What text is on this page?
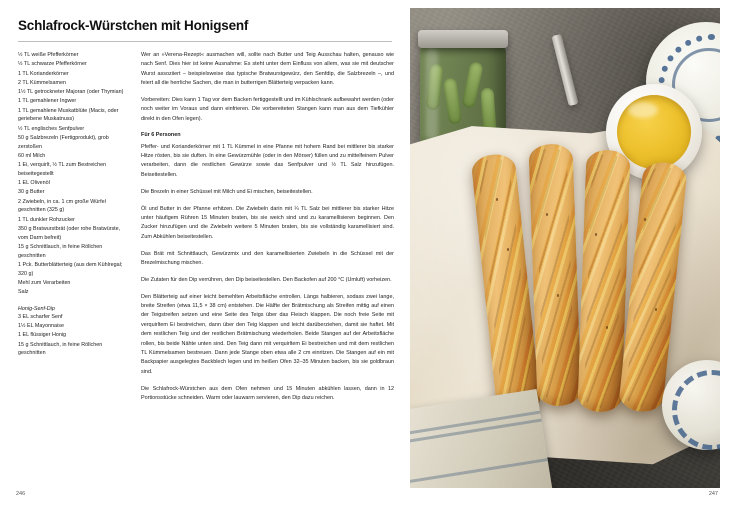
Schlafrock-Würstchen mit Honigsenf
½ TL weiße Pfefferkörner
½ TL schwarze Pfefferkörner
1 TL Korianderkörner
2 TL Kümmelsamen
1½ TL getrockneter Majoran (oder Thymian)
1 TL gemahlener Ingwer
1 TL gemahlene Muskatblüte (Macis, oder geriebene Muskatnuss)
½ TL englisches Senfpulver
50 g Salzbrezeln (Fertigprodukt), grob zerstoßen
60 ml Milch
1 Ei, verquirlt, ½ TL zum Bestreichen beiseitegestellt
1 EL Olivenöl
30 g Butter
2 Zwiebeln, in ca. 1 cm große Würfel geschnitten (325 g)
1 TL dunkler Rohzucker
350 g Bratwurstbrät (oder rohe Bratwürste, vom Darm befreit)
15 g Schnittlauch, in feine Röllchen geschnitten
1 Pck. Butterblätterteig (aus dem Kühlregal; 320 g)
Mehl zum Verarbeiten
Salz
Honig-Senf-Dip
3 EL scharfer Senf
1½ EL Mayonnaise
1 EL flüssiger Honig
15 g Schnittlauch, in feine Röllchen geschnitten

Wer an »Verena-Rezept« ausmachen will, sollte nach Butter und Teig Ausschau halten, genauso wie nach Senf. Dies hier ist keine Ausnahme: Es steht unter dem Einfluss von allem, was sie mit deutscher Wurst assoziiert – beispielsweise das typische Bratwurstgewürz, den Senfdip, die Salzbrezeln –, und feiert all die herrliche Sachen, die man in butterrigen Blätterteig verpacken kann.

Vorbereiten: Dies kann 1 Tag vor dem Backen fertiggestellt und im Kühlschrank aufbewahrt werden (oder noch weiter im Voraus und dann einfrieren. Die vorbereiteten Stangen kann man aus dem Tiefkühler direkt in den Ofen legen).

Für 6 Personen

Pfeffer- und Korianderkörner mit 1 TL Kümmel in eine Pfanne mit hohem Rand bei mittlerer bis starker Hitze rösten, bis sie duften. In eine Gewürzmühle (oder in den Mörser) füllen und zu mittelfeinem Pulver verarbeiten, dann die restlichen Gewürze sowie das Senfpulver und ½ TL Salz hinzufügen. Beiseitestellen.

Die Brezeln in einer Schüssel mit Milch und Ei mischen, beiseitestellen.

Öl und Butter in der Pfanne erhitzen. Die Zwiebeln darin mit ¼ TL Salz bei mittlerer bis starker Hitze unter häufigem Rühren 15 Minuten braten, bis sie weich sind und zu karamellisieren beginnen. Den Zucker hinzufügen und die Zwiebeln weitere 5 Minuten braten, bis sie vollständig karamellisiert sind. Zum Abkühlen beiseitestellen.

Das Brät mit Schnittlauch, Gewürzmix und den karamellisierten Zwiebeln in die Schüssel mit der Brezelmischung mischen.

Die Zutaten für den Dip verrühren, den Dip beiseitestellen. Den Backofen auf 200 °C (Umluft) vorheizen.

Den Blätterteig auf einer leicht bemehlten Arbeitsfläche entrollen. Längs halbieren, sodass zwei lange, breite Streifen (etwa 11,5 × 38 cm) entstehen. Die Hälfte der Brätmischung als Streifen mittig auf einen der Teigstreifen setzen und eine Seite des Teigs über das Fleisch klappen. Die noch freie Seite mit verquirltem Ei bestreichen, dann über den Teig klappen und leicht darüberziehen, damit sie haftet. Mit dem restlichen Teig und der restlichen Brätmischung wiederholen. Beide Stangen auf der Arbeitsfläche rollen, bis beide Nähte unten sind. Den Teig dann mit verquirltem Ei bestreichen und mit dem restlichen TL Kümmelsamen bestreuen. Dann jede Stange oben etwa alle 2 cm einritzen. Die Stangen auf ein mit Backpapier ausgelegtes Backblech legen und im heißen Ofen 32–35 Minuten backen, bis sie goldbraun sind.

Die Schlafrock-Würstchen aus dem Ofen nehmen und 15 Minuten abkühlen lassen, dann in 12 Portionsstücke schneiden. Warm oder lauwarm servieren, den Dip dazu reichen.

246	247
